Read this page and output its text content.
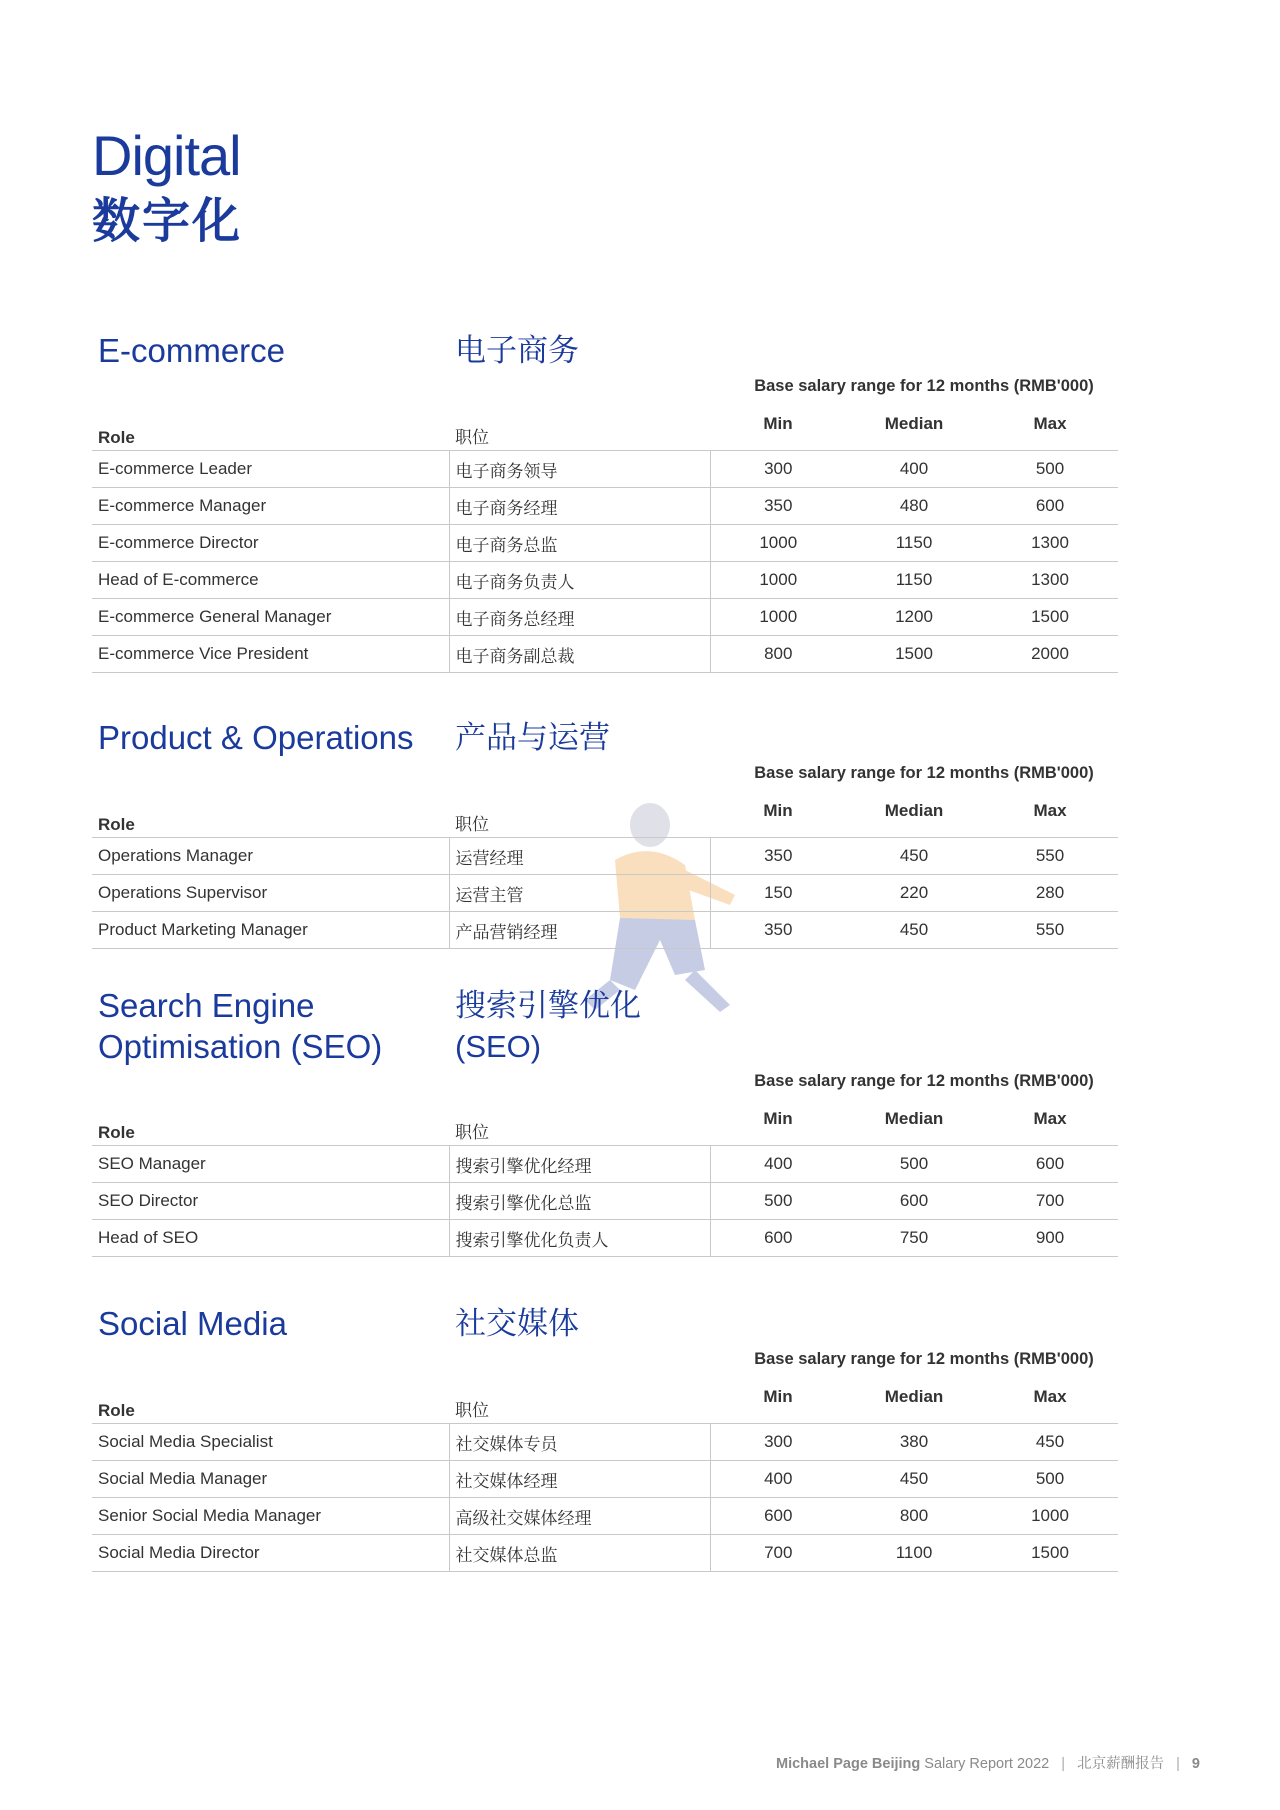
Digital
数字化
E-commerce	电子商务
Base salary range for 12 months (RMB'000)
Role	职位	Min	Median	Max
E-commerce Leader	电子商务领导	300	400	500
E-commerce Manager	电子商务经理	350	480	600
E-commerce Director	电子商务总监	1000	1150	1300
Head of E-commerce	电子商务负责人	1000	1150	1300
E-commerce General Manager	电子商务总经理	1000	1200	1500
E-commerce Vice President	电子商务副总裁	800	1500	2000
Product & Operations	产品与运营
Base salary range for 12 months (RMB'000)
Role	职位	Min	Median	Max
Operations Manager	运营经理	350	450	550
Operations Supervisor	运营主管	150	220	280
Product Marketing Manager	产品营销经理	350	450	550
Search Engine Optimisation (SEO)
搜索引擎优化 (SEO)
Base salary range for 12 months (RMB'000)
Role	职位	Min	Median	Max
SEO Manager	搜索引擎优化经理	400	500	600
SEO Director	搜索引擎优化总监	500	600	700
Head of SEO	搜索引擎优化负责人	600	750	900
Social Media	社交媒体
Base salary range for 12 months (RMB'000)
Role	职位	Min	Median	Max
Social Media Specialist	社交媒体专员	300	380	450
Social Media Manager	社交媒体经理	400	450	500
Senior Social Media Manager	高级社交媒体经理	600	800	1000
Social Media Director	社交媒体总监	700	1100	1500
Michael Page Beijing Salary Report 2022 | 北京薪酬报告 | 9
